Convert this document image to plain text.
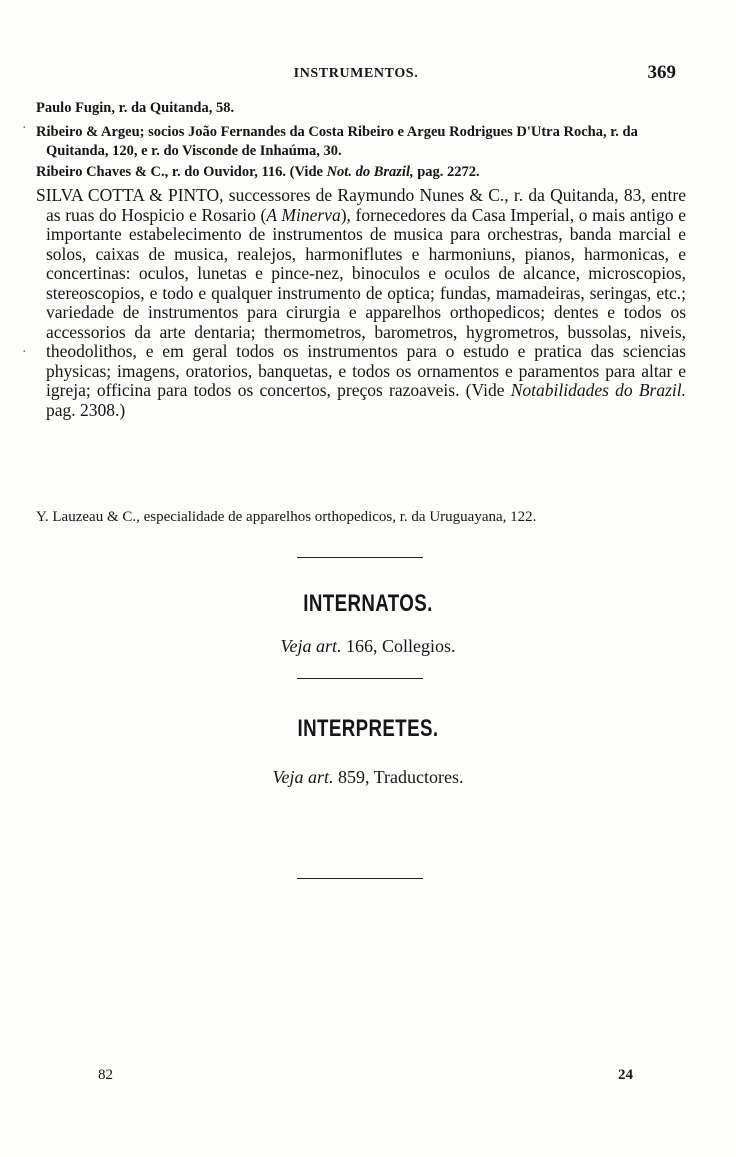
INSTRUMENTOS.	369

Paulo Fugin, r. da Quitanda, 58.

Ribeiro & Argeu; socios João Fernandes da Costa Ribeiro e Argeu Rodrigues D'Utra Rocha, r. da Quitanda, 120, e r. do Visconde de Inhaúma, 30.

Ribeiro Chaves & C., r. do Ouvidor, 116. (Vide Not. do Brazil, pag. 2272.

SILVA COTTA & PINTO, successores de Raymundo Nunes & C., r. da Quitanda, 83, entre as ruas do Hospicio e Rosario (A Minerva), fornecedores da Casa Imperial, o mais antigo e importante estabelecimento de instrumentos de musica para orchestras, banda marcial e solos, caixas de musica, realejos, harmoniflutes e harmoniuns, pianos, harmonicas, e concertinas: oculos, lunetas e pince-nez, binoculos e oculos de alcance, microscopios, stereoscopios, e todo e qualquer instrumento de optica; fundas, mamadeiras, seringas, etc.; variedade de instrumentos para cirurgia e apparelhos orthopedicos; dentes e todos os accessorios da arte dentaria; thermometros, barometros, hygrometros, bussolas, niveis, theodolithos, e em geral todos os instrumentos para o estudo e pratica das sciencias physicas; imagens, oratorios, banquetas, e todos os ornamentos e paramentos para altar e igreja; officina para todos os concertos, preços razoaveis. (Vide Notabilidades do Brazil. pag. 2308.)

Y. Lauzeau & C., especialidade de apparelhos orthopedicos, r. da Uruguayana, 122.

INTERNATOS.
Veja art. 166, Collegios.
INTERPRETES.
Veja art. 859, Traductores.
82	24
·
·
